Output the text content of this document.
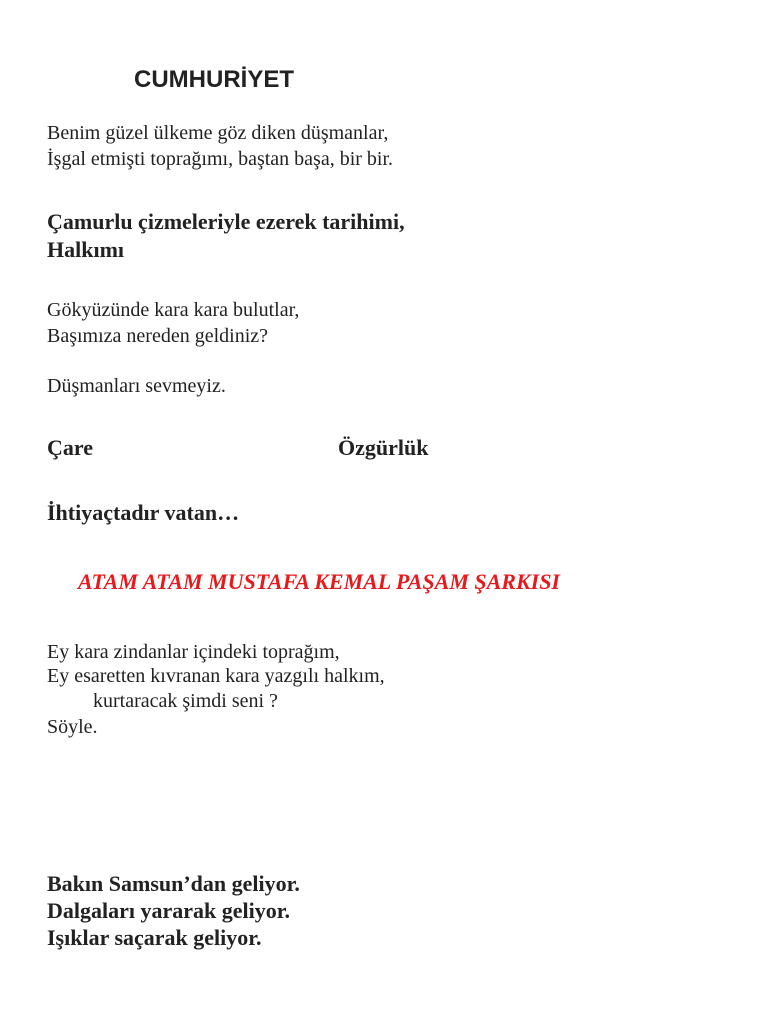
CUMHURİYET
Benim güzel ülkeme göz diken düşmanlar,
İşgal etmişti toprağımı, baştan başa, bir bir.
Çamurlu çizmeleriyle ezerek tarihimi,
Halkımı
Gökyüzünde kara kara bulutlar,
Başımıza nereden geldiniz?
Düşmanları sevmeyiz.
Çare	Özgürlük
İhtiyaçtadır vatan…
ATAM ATAM MUSTAFA KEMAL PAŞAM ŞARKISI
Ey kara zindanlar içindeki toprağım,
Ey esaretten kıvranan kara yazgılı halkım,
kurtaracak şimdi seni ?
Söyle.
Bakın Samsun’dan geliyor.
Dalgaları yararak geliyor.
Işıklar saçarak geliyor.
